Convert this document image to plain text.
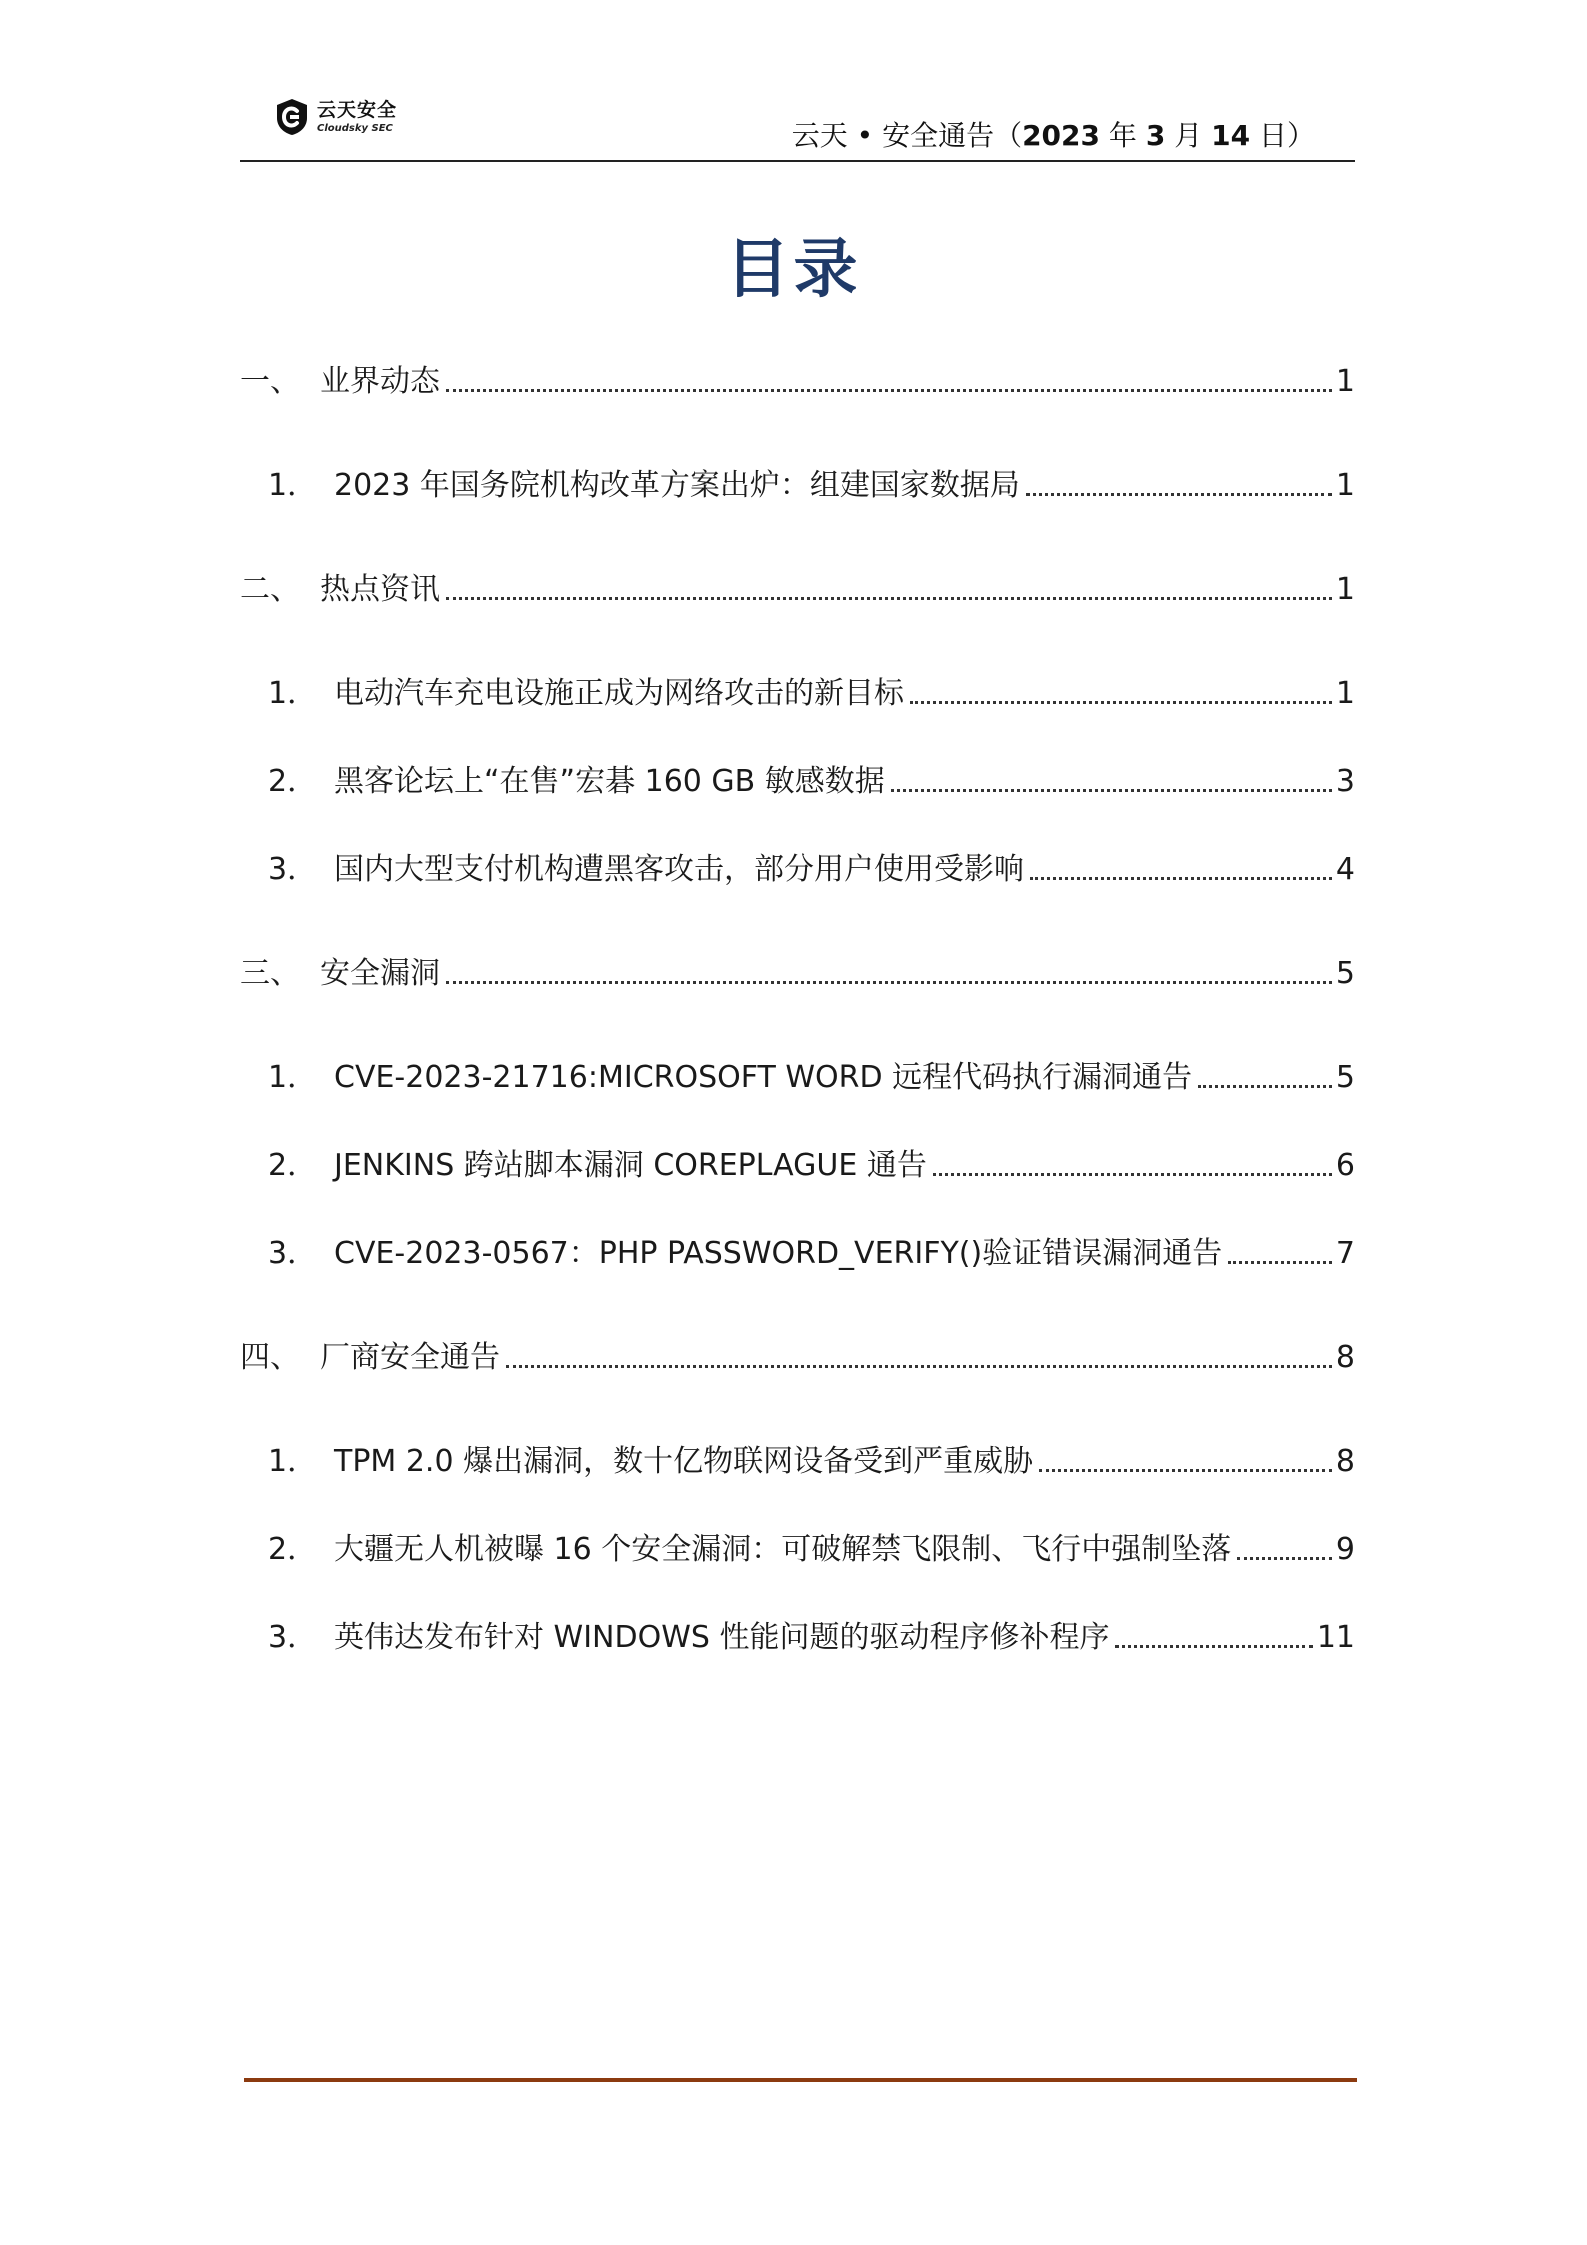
云天安全
Cloudsky SEC	云天 • 安全通告（2023 年 3 月 14 日）
目录
一、 业界动态	1
1． 2023 年国务院机构改革方案出炉：组建国家数据局	1
二、 热点资讯	1
1． 电动汽车充电设施正成为网络攻击的新目标	1
2． 黑客论坛上“在售”宏碁 160 GB 敏感数据	3
3． 国内大型支付机构遭黑客攻击，部分用户使用受影响	4
三、 安全漏洞	5
1． CVE-2023-21716:MICROSOFT WORD 远程代码执行漏洞通告	5
2． JENKINS 跨站脚本漏洞 COREPLAGUE 通告	6
3． CVE-2023-0567：PHP PASSWORD_VERIFY()验证错误漏洞通告	7
四、 厂商安全通告	8
1． TPM 2.0 爆出漏洞，数十亿物联网设备受到严重威胁	8
2． 大疆无人机被曝 16 个安全漏洞：可破解禁飞限制、飞行中强制坠落	9
3． 英伟达发布针对 WINDOWS 性能问题的驱动程序修补程序	11
